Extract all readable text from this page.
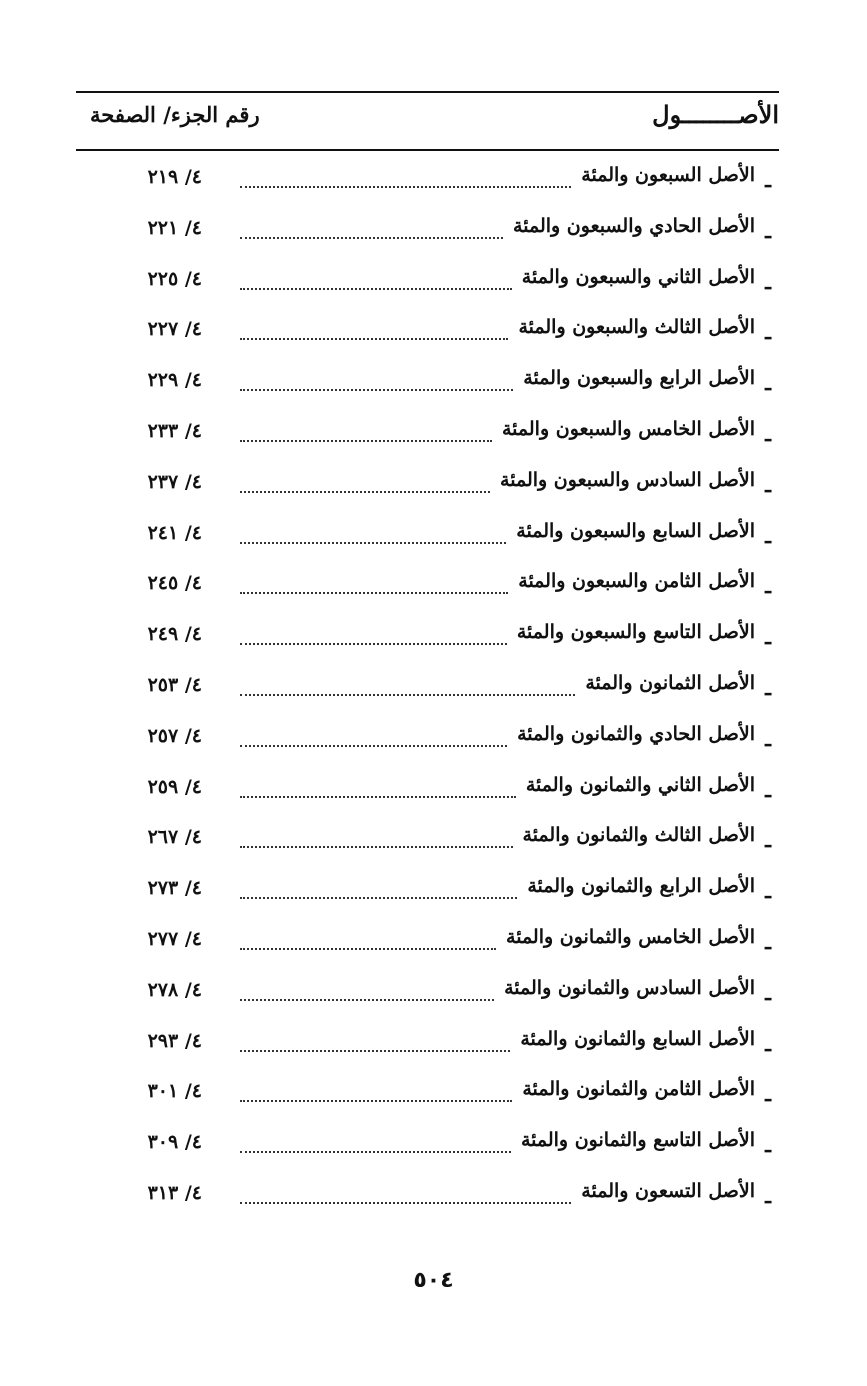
الأصــــــــول
رقم الجزء/ الصفحة
ـ
الأصل السبعون والمئة
٤/ ٢١٩
ـ
الأصل الحادي والسبعون والمئة
٤/ ٢٢١
ـ
الأصل الثاني والسبعون والمئة
٤/ ٢٢٥
ـ
الأصل الثالث والسبعون والمئة
٤/ ٢٢٧
ـ
الأصل الرابع والسبعون والمئة
٤/ ٢٢٩
ـ
الأصل الخامس والسبعون والمئة
٤/ ٢٣٣
ـ
الأصل السادس والسبعون والمئة
٤/ ٢٣٧
ـ
الأصل السابع والسبعون والمئة
٤/ ٢٤١
ـ
الأصل الثامن والسبعون والمئة
٤/ ٢٤٥
ـ
الأصل التاسع والسبعون والمئة
٤/ ٢٤٩
ـ
الأصل الثمانون والمئة
٤/ ٢٥٣
ـ
الأصل الحادي والثمانون والمئة
٤/ ٢٥٧
ـ
الأصل الثاني والثمانون والمئة
٤/ ٢٥٩
ـ
الأصل الثالث والثمانون والمئة
٤/ ٢٦٧
ـ
الأصل الرابع والثمانون والمئة
٤/ ٢٧٣
ـ
الأصل الخامس والثمانون والمئة
٤/ ٢٧٧
ـ
الأصل السادس والثمانون والمئة
٤/ ٢٧٨
ـ
الأصل السابع والثمانون والمئة
٤/ ٢٩٣
ـ
الأصل الثامن والثمانون والمئة
٤/ ٣٠١
ـ
الأصل التاسع والثمانون والمئة
٤/ ٣٠٩
ـ
الأصل التسعون والمئة
٤/ ٣١٣
٥٠٤
